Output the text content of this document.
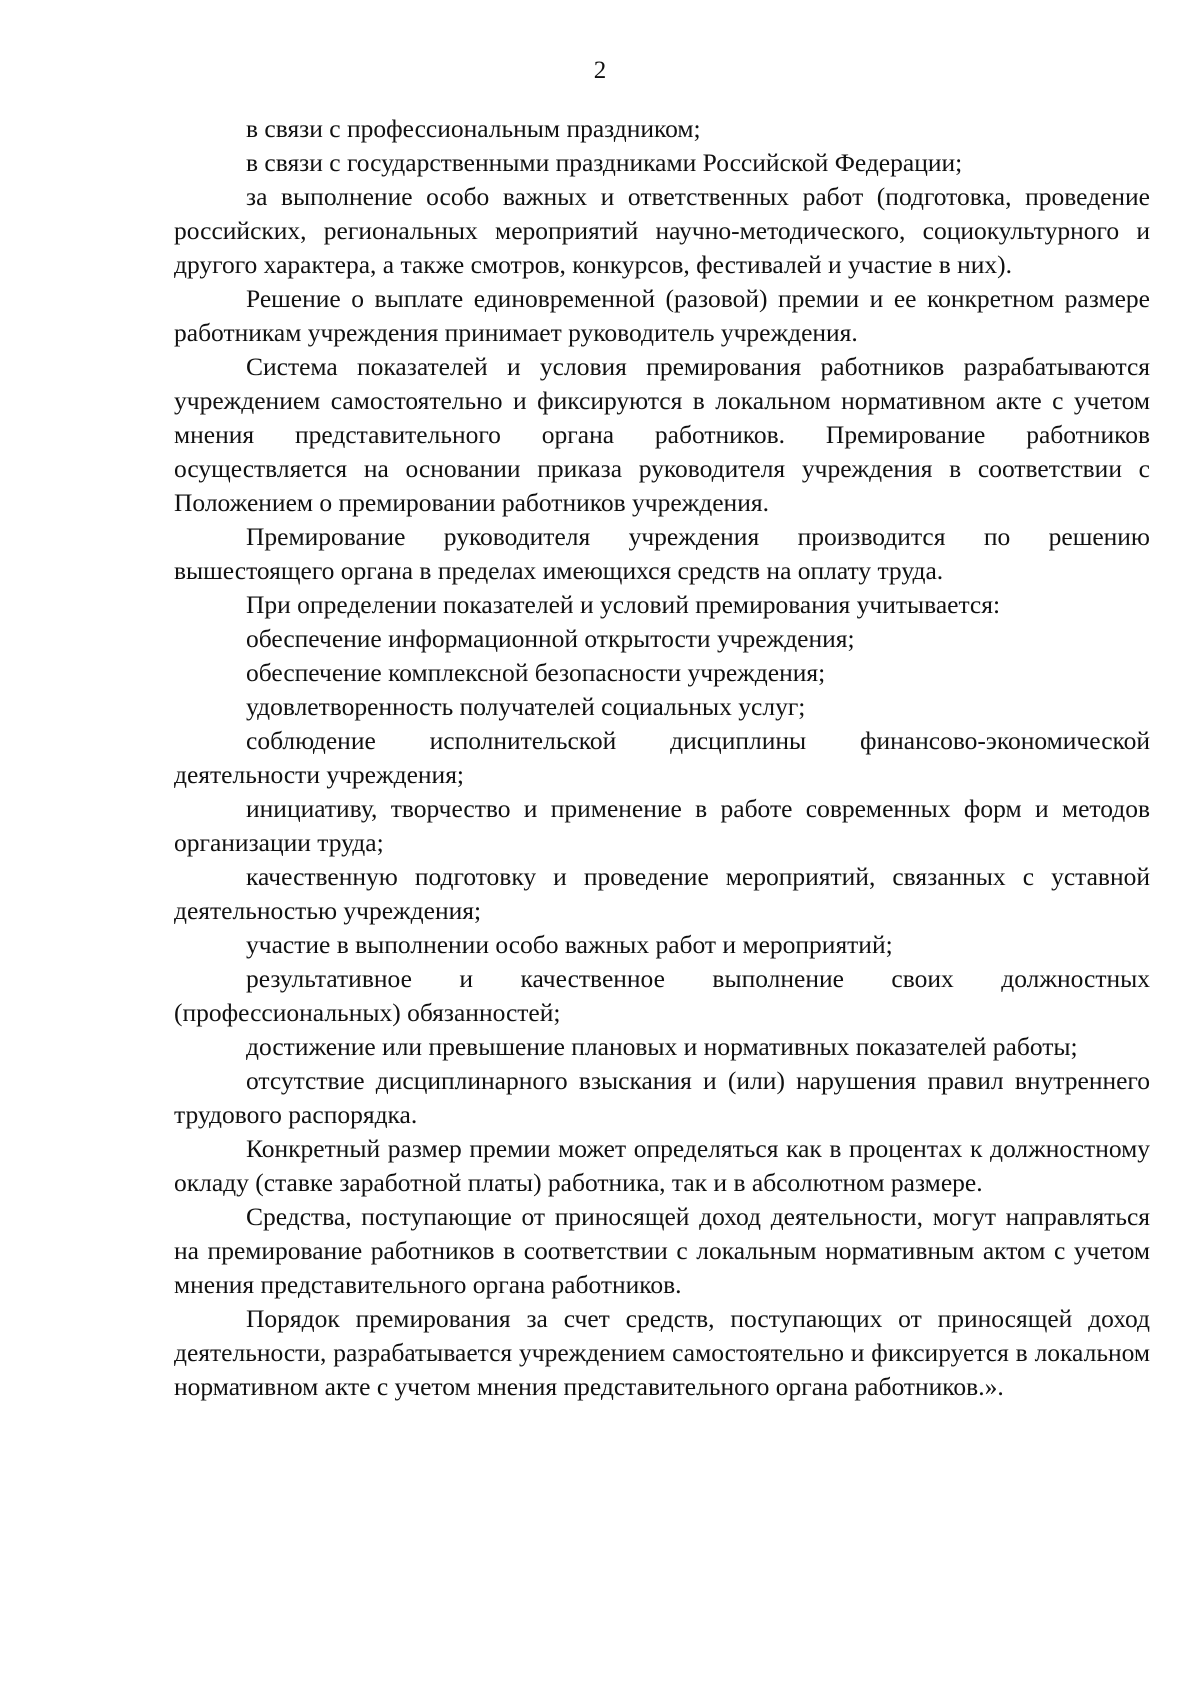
2

в связи с профессиональным праздником;

в связи с государственными праздниками Российской Федерации;

за выполнение особо важных и ответственных работ (подготовка, проведение российских, региональных мероприятий научно-методического, социокультурного и другого характера, а также смотров, конкурсов, фестивалей и участие в них).

Решение о выплате единовременной (разовой) премии и ее конкретном размере работникам учреждения принимает руководитель учреждения.

Система показателей и условия премирования работников разрабатываются учреждением самостоятельно и фиксируются в локальном нормативном акте с учетом мнения представительного органа работников. Премирование работников осуществляется на основании приказа руководителя учреждения в соответствии с Положением о премировании работников учреждения.

Премирование руководителя учреждения производится по решению вышестоящего органа в пределах имеющихся средств на оплату труда.

При определении показателей и условий премирования учитывается:

обеспечение информационной открытости учреждения;

обеспечение комплексной безопасности учреждения;

удовлетворенность получателей социальных услуг;

соблюдение исполнительской дисциплины финансово-экономической деятельности учреждения;

инициативу, творчество и применение в работе современных форм и методов организации труда;

качественную подготовку и проведение мероприятий, связанных с уставной деятельностью учреждения;

участие в выполнении особо важных работ и мероприятий;

результативное и качественное выполнение своих должностных (профессиональных) обязанностей;

достижение или превышение плановых и нормативных показателей работы;

отсутствие дисциплинарного взыскания и (или) нарушения правил внутреннего трудового распорядка.

Конкретный размер премии может определяться как в процентах к должностному окладу (ставке заработной платы) работника, так и в абсолютном размере.

Средства, поступающие от приносящей доход деятельности, могут направляться на премирование работников в соответствии с локальным нормативным актом с учетом мнения представительного органа работников.

Порядок премирования за счет средств, поступающих от приносящей доход деятельности, разрабатывается учреждением самостоятельно и фиксируется в локальном нормативном акте с учетом мнения представительного органа работников.».
